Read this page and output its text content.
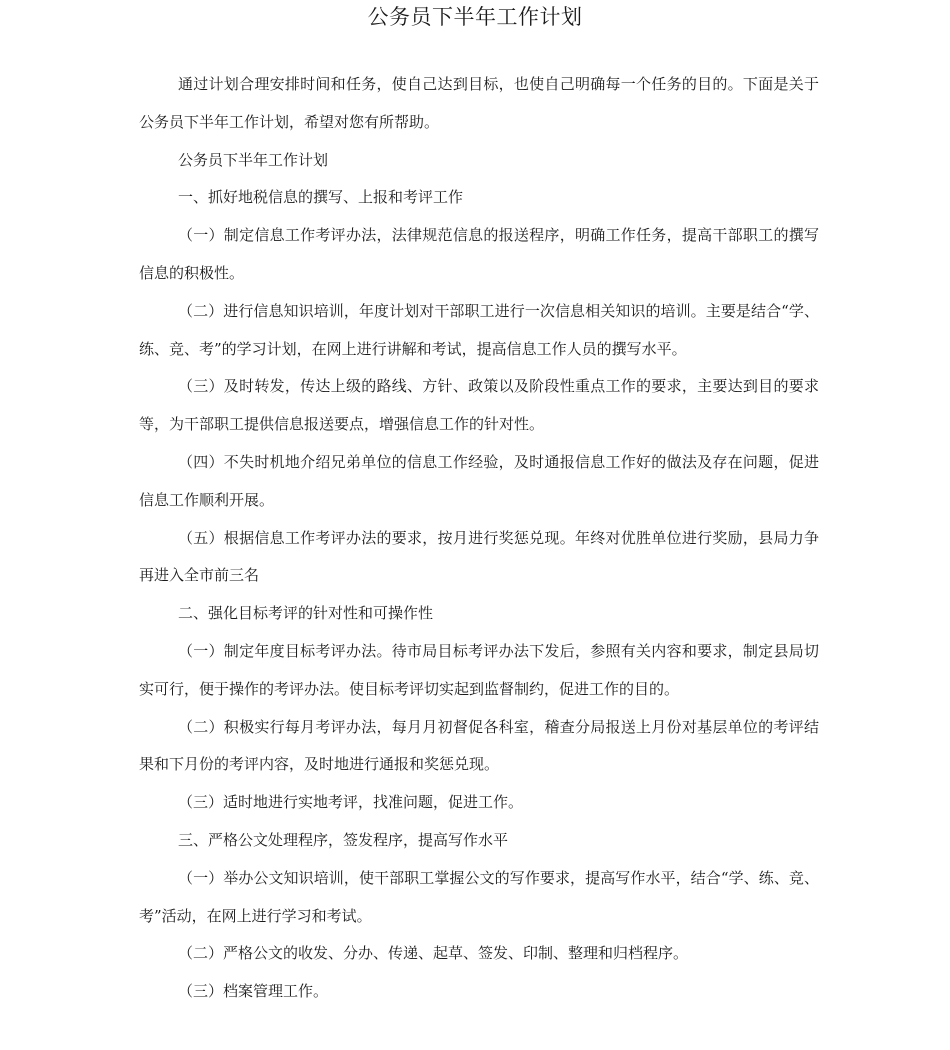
公务员下半年工作计划

通过计划合理安排时间和任务，使自己达到目标，也使自己明确每一个任务的目的。下面是关于公务员下半年工作计划，希望对您有所帮助。

公务员下半年工作计划

一、抓好地税信息的撰写、上报和考评工作

（一）制定信息工作考评办法，法律规范信息的报送程序，明确工作任务，提高干部职工的撰写信息的积极性。

（二）进行信息知识培训，年度计划对干部职工进行一次信息相关知识的培训。主要是结合“学、练、竞、考”的学习计划，在网上进行讲解和考试，提高信息工作人员的撰写水平。

（三）及时转发，传达上级的路线、方针、政策以及阶段性重点工作的要求，主要达到目的要求等，为干部职工提供信息报送要点，增强信息工作的针对性。

（四）不失时机地介绍兄弟单位的信息工作经验，及时通报信息工作好的做法及存在问题，促进信息工作顺利开展。

（五）根据信息工作考评办法的要求，按月进行奖惩兑现。年终对优胜单位进行奖励，县局力争再进入全市前三名

二、强化目标考评的针对性和可操作性

（一）制定年度目标考评办法。待市局目标考评办法下发后，参照有关内容和要求，制定县局切实可行，便于操作的考评办法。使目标考评切实起到监督制约，促进工作的目的。

（二）积极实行每月考评办法，每月月初督促各科室，稽查分局报送上月份对基层单位的考评结果和下月份的考评内容，及时地进行通报和奖惩兑现。

（三）适时地进行实地考评，找准问题，促进工作。

三、严格公文处理程序，签发程序，提高写作水平

（一）举办公文知识培训，使干部职工掌握公文的写作要求，提高写作水平，结合“学、练、竞、考”活动，在网上进行学习和考试。

（二）严格公文的收发、分办、传递、起草、签发、印制、整理和归档程序。

（三）档案管理工作。
